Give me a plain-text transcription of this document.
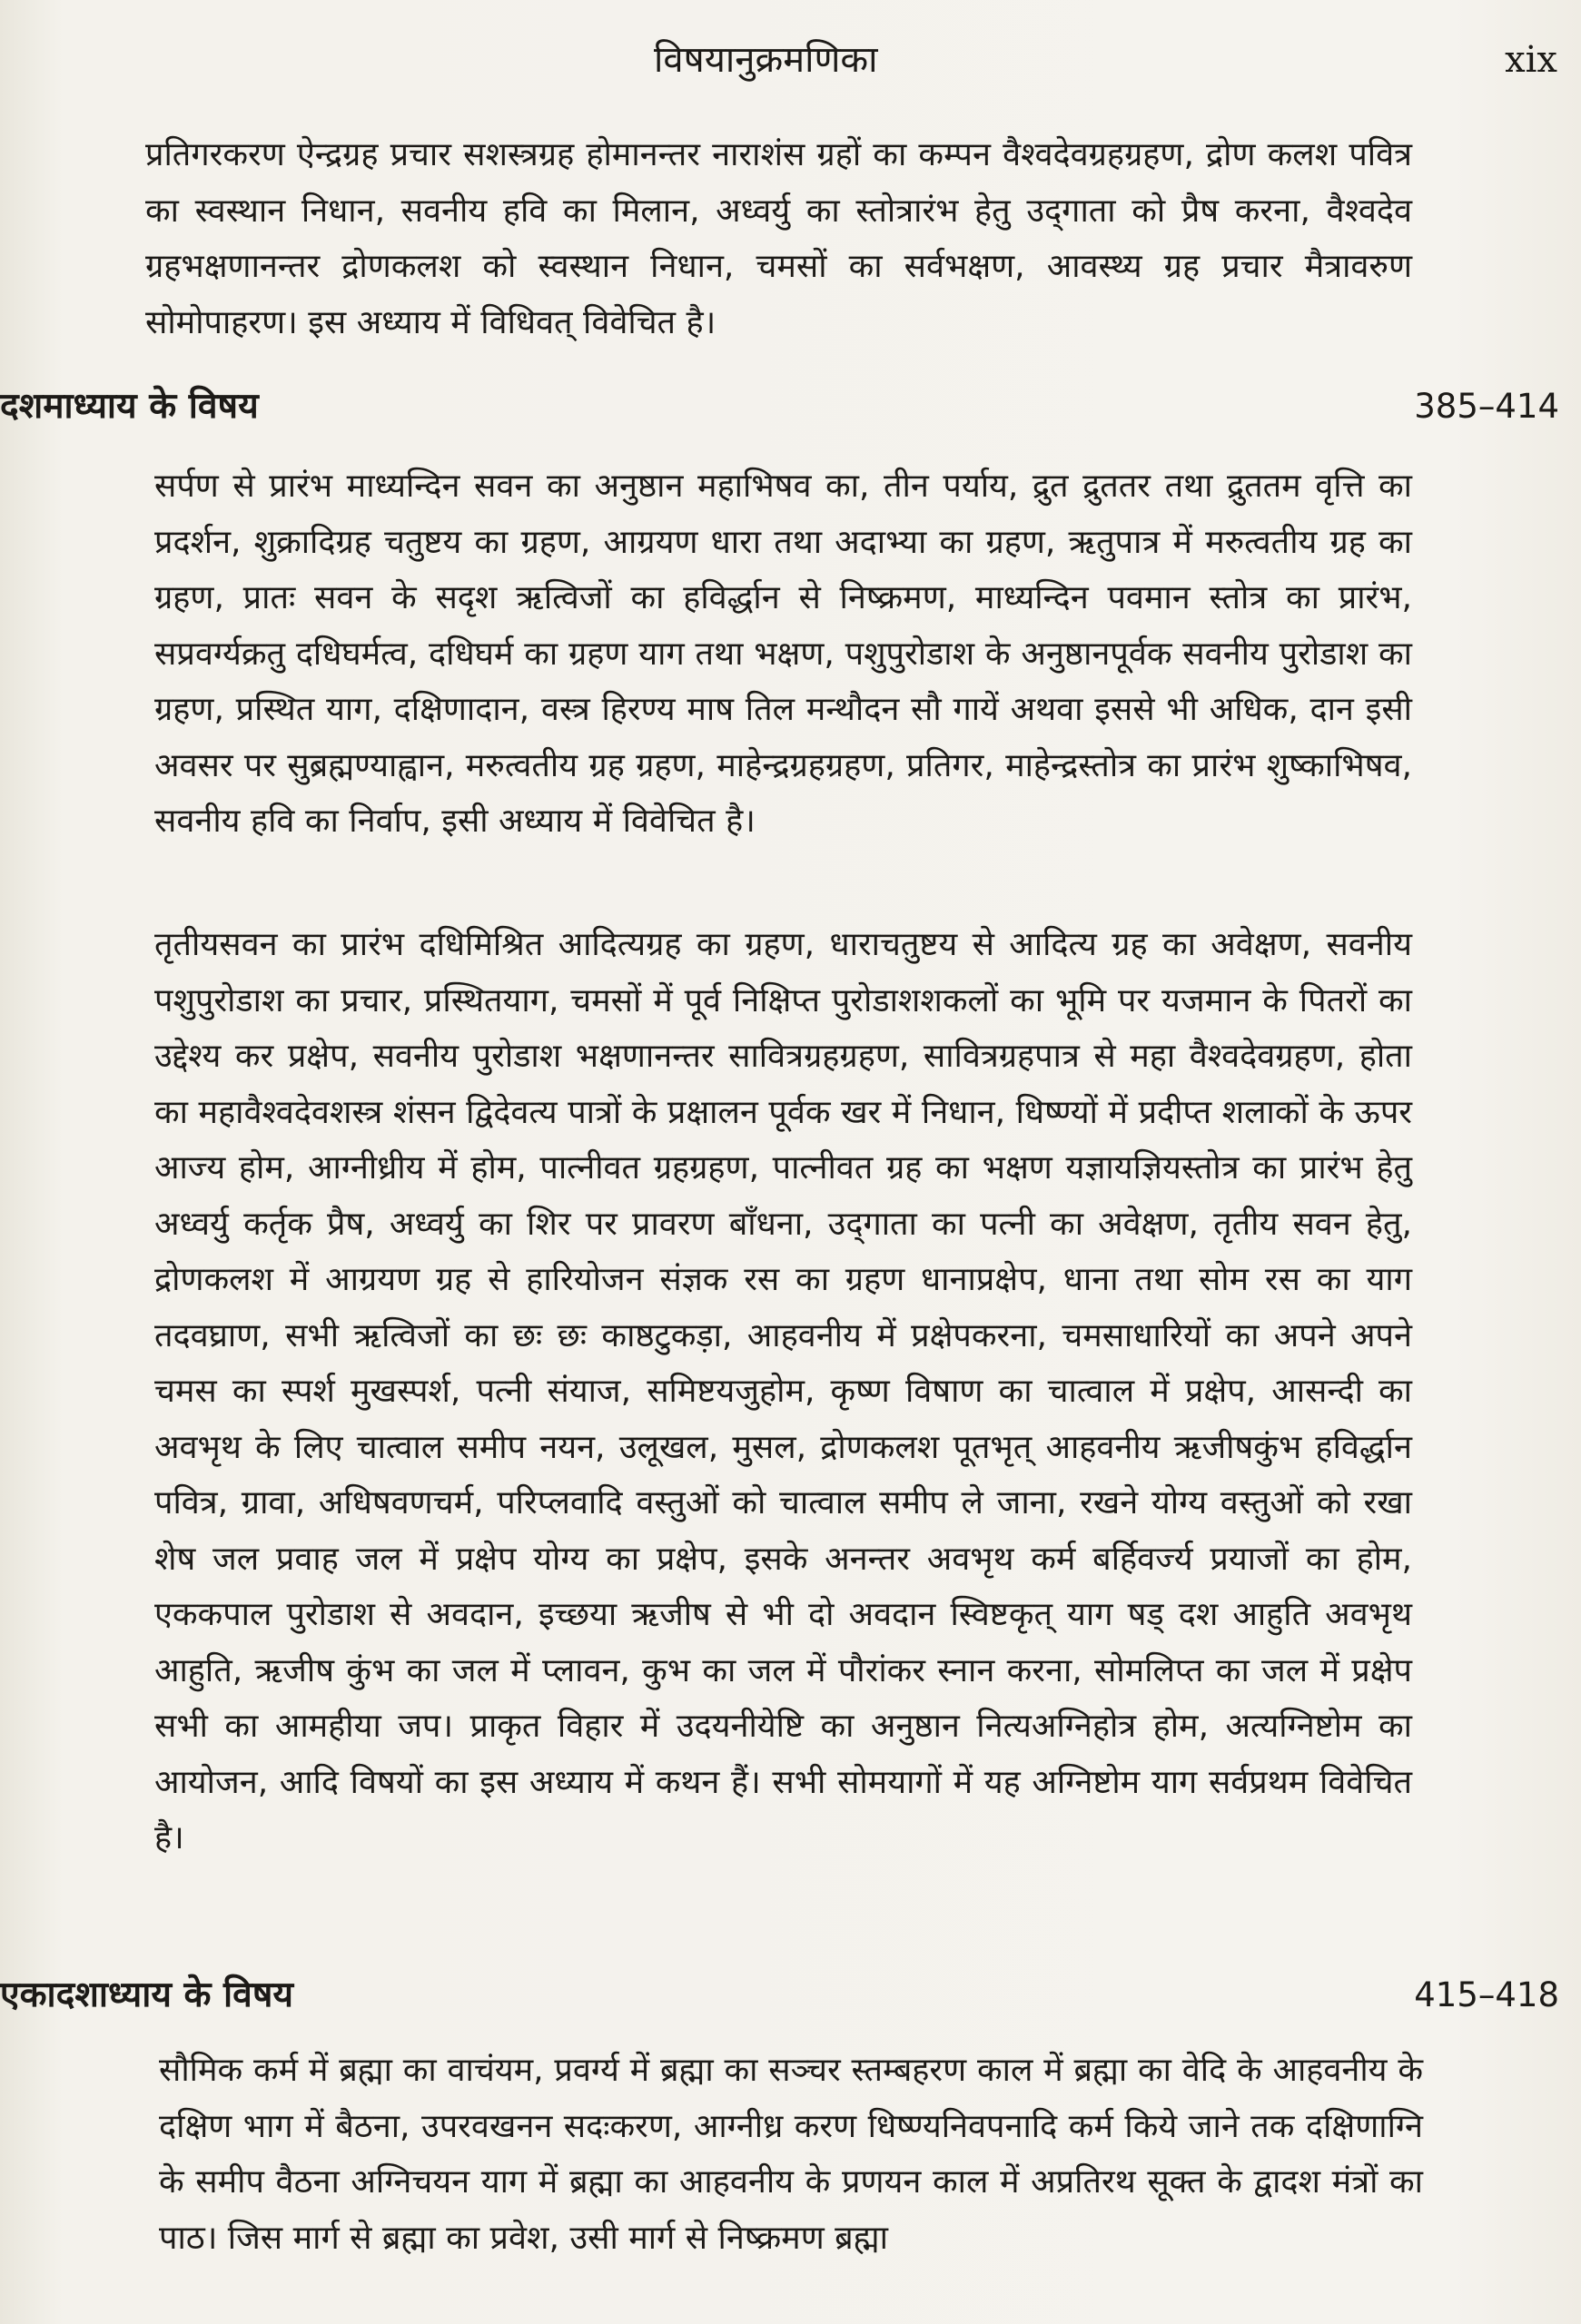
विषयानुक्रमणिका	xix

प्रतिगरकरण ऐन्द्रग्रह प्रचार सशस्त्रग्रह होमानन्तर नाराशंस ग्रहों का कम्पन वैश्वदेवग्रहग्रहण, द्रोण कलश पवित्र का स्वस्थान निधान, सवनीय हवि का मिलान, अध्वर्यु का स्तोत्रारंभ हेतु उद्‌गाता को प्रैष करना, वैश्वदेव ग्रहभक्षणानन्तर द्रोणकलश को स्वस्थान निधान, चमसों का सर्वभक्षण, आवस्थ्य ग्रह प्रचार मैत्रावरुण सोमोपाहरण। इस अध्याय में विधिवत्‌ विवेचित है।

दशमाध्याय के विषय	385–414

सर्पण से प्रारंभ माध्यन्दिन सवन का अनुष्ठान महाभिषव का, तीन पर्याय, द्रुत द्रुततर तथा द्रुततम वृत्ति का प्रदर्शन, शुक्रादिग्रह चतुष्टय का ग्रहण, आग्रयण धारा तथा अदाभ्या का ग्रहण, ऋतुपात्र में मरुत्वतीय ग्रह का ग्रहण, प्रातः सवन के सदृश ऋत्विजों का हविर्द्धान से निष्क्रमण, माध्यन्दिन पवमान स्तोत्र का प्रारंभ, सप्रवर्ग्यक्रतु दधिघर्मत्व, दधिघर्म का ग्रहण याग तथा भक्षण, पशुपुरोडाश के अनुष्ठानपूर्वक सवनीय पुरोडाश का ग्रहण, प्रस्थित याग, दक्षिणादान, वस्त्र हिरण्य माष तिल मन्थौदन सौ गायें अथवा इससे भी अधिक, दान इसी अवसर पर सुब्रह्मण्याह्वान, मरुत्वतीय ग्रह ग्रहण, माहेन्द्रग्रहग्रहण, प्रतिगर, माहेन्द्रस्तोत्र का प्रारंभ शुष्काभिषव, सवनीय हवि का निर्वाप, इसी अध्याय में विवेचित है।

तृतीयसवन का प्रारंभ दधिमिश्रित आदित्यग्रह का ग्रहण, धाराचतुष्टय से आदित्य ग्रह का अवेक्षण, सवनीय पशुपुरोडाश का प्रचार, प्रस्थितयाग, चमसों में पूर्व निक्षिप्त पुरोडाशशकलों का भूमि पर यजमान के पितरों का उद्देश्य कर प्रक्षेप, सवनीय पुरोडाश भक्षणानन्तर सावित्रग्रहग्रहण, सावित्रग्रहपात्र से महा वैश्वदेवग्रहण, होता का महावैश्वदेवशस्त्र शंसन द्विदेवत्य पात्रों के प्रक्षालन पूर्वक खर में निधान, धिष्ण्यों में प्रदीप्त शलाकों के ऊपर आज्य होम, आग्नीध्रीय में होम, पात्नीवत ग्रहग्रहण, पात्नीवत ग्रह का भक्षण यज्ञायज्ञियस्तोत्र का प्रारंभ हेतु अध्वर्यु कर्तृक प्रैष, अध्वर्यु का शिर पर प्रावरण बाँधना, उद्‌गाता का पत्नी का अवेक्षण, तृतीय सवन हेतु, द्रोणकलश में आग्रयण ग्रह से हारियोजन संज्ञक रस का ग्रहण धानाप्रक्षेप, धाना तथा सोम रस का याग तदवघ्राण, सभी ऋत्विजों का छः छः काष्ठटुकड़ा, आहवनीय में प्रक्षेपकरना, चमसाधारियों का अपने अपने चमस का स्पर्श मुखस्पर्श, पत्नी संयाज, समिष्टयजुहोम, कृष्ण विषाण का चात्वाल में प्रक्षेप, आसन्दी का अवभृथ के लिए चात्वाल समीप नयन, उलूखल, मुसल, द्रोणकलश पूतभृत्‌ आहवनीय ऋजीषकुंभ हविर्द्धान पवित्र, ग्रावा, अधिषवणचर्म, परिप्लवादि वस्तुओं को चात्वाल समीप ले जाना, रखने योग्य वस्तुओं को रखा शेष जल प्रवाह जल में प्रक्षेप योग्य का प्रक्षेप, इसके अनन्तर अवभृथ कर्म बर्हिवर्ज्य प्रयाजों का होम, एककपाल पुरोडाश से अवदान, इच्छया ऋजीष से भी दो अवदान स्विष्टकृत्‌ याग षड्‌ दश आहुति अवभृथ आहुति, ऋजीष कुंभ का जल में प्लावन, कुभ का जल में पौरांकर स्नान करना, सोमलिप्त का जल में प्रक्षेप सभी का आमहीया जप। प्राकृत विहार में उदयनीयेष्टि का अनुष्ठान नित्यअग्निहोत्र होम, अत्यग्निष्टोम का आयोजन, आदि विषयों का इस अध्याय में कथन हैं। सभी सोमयागों में यह अग्निष्टोम याग सर्वप्रथम विवेचित है।

एकादशाध्याय के विषय	415–418

सौमिक कर्म में ब्रह्मा का वाचंयम, प्रवर्ग्य में ब्रह्मा का सञ्चर स्तम्बहरण काल में ब्रह्मा का वेदि के आहवनीय के दक्षिण भाग में बैठना, उपरवखनन सदःकरण, आग्नीध्र करण धिष्ण्यनिवपनादि कर्म किये जाने तक दक्षिणाग्नि के समीप वैठना अग्निचयन याग में ब्रह्मा का आहवनीय के प्रणयन काल में अप्रतिरथ सूक्त के द्वादश मंत्रों का पाठ। जिस मार्ग से ब्रह्मा का प्रवेश, उसी मार्ग से निष्क्रमण ब्रह्मा
